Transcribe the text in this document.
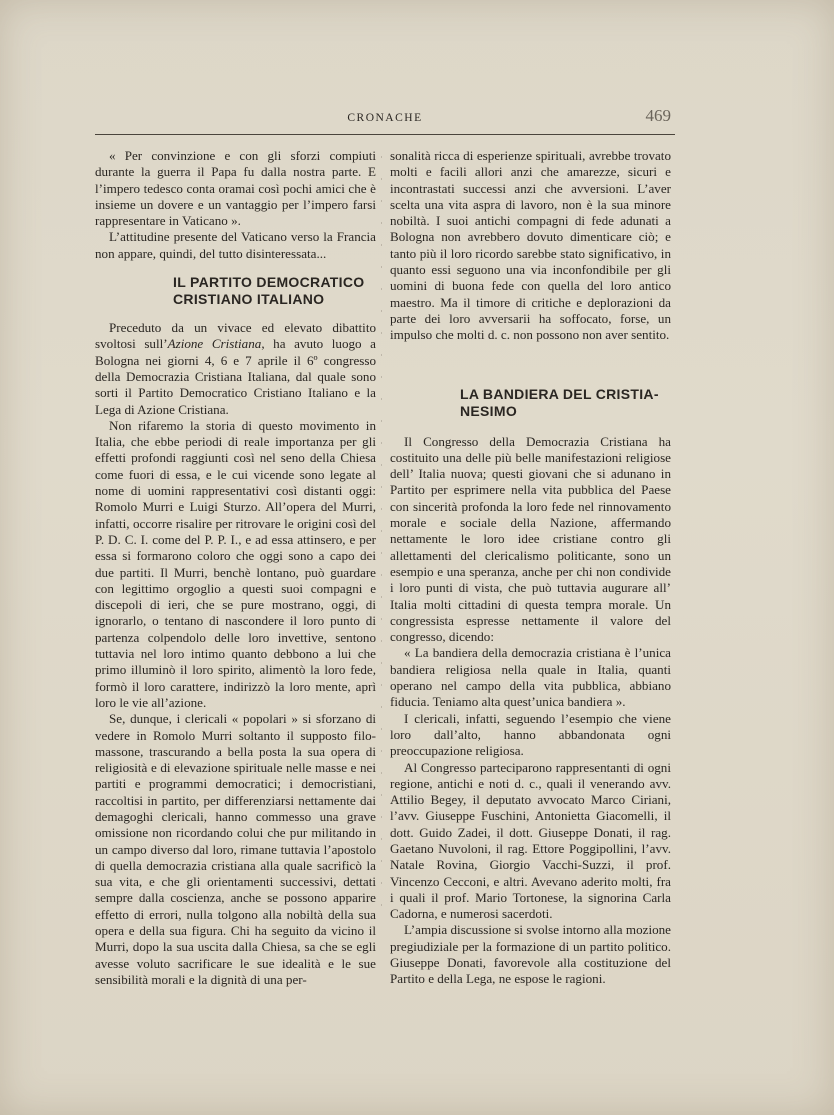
CRONACHE	469

« Per convinzione e con gli sforzi compiuti durante la guerra il Papa fu dalla nostra parte. E l’impero tedesco conta oramai così pochi amici che è insieme un dovere e un vantaggio per l’impero farsi rappresentare in Vaticano ».

L’attitudine presente del Vaticano verso la Francia non appare, quindi, del tutto disinteressata...

IL PARTITO DEMOCRATICO
CRISTIANO ITALIANO

Preceduto da un vivace ed elevato dibattito svoltosi sull’Azione Cristiana, ha avuto luogo a Bologna nei giorni 4, 6 e 7 aprile il 6º congresso della Democrazia Cristiana Italiana, dal quale sono sorti il Partito Democratico Cristiano Italiano e la Lega di Azione Cristiana.

Non rifaremo la storia di questo movimento in Italia, che ebbe periodi di reale importanza per gli effetti profondi raggiunti così nel seno della Chiesa come fuori di essa, e le cui vicende sono legate al nome di uomini rappresentativi così distanti oggi: Romolo Murri e Luigi Sturzo. All’opera del Murri, infatti, occorre risalire per ritrovare le origini così del P. D. C. I. come del P. P. I., e ad essa attinsero, e per essa si formarono coloro che oggi sono a capo dei due partiti. Il Murri, benchè lontano, può guardare con legittimo orgoglio a questi suoi compagni e discepoli di ieri, che se pure mostrano, oggi, di ignorarlo, o tentano di nascondere il loro punto di partenza colpendolo delle loro invettive, sentono tuttavia nel loro intimo quanto debbono a lui che primo illuminò il loro spirito, alimentò la loro fede, formò il loro carattere, indirizzò la loro mente, aprì loro le vie all’azione.

Se, dunque, i clericali « popolari » si sforzano di vedere in Romolo Murri soltanto il supposto filo-massone, trascurando a bella posta la sua opera di religiosità e di elevazione spirituale nelle masse e nei partiti e programmi democratici; i democristiani, raccoltisi in partito, per differenziarsi nettamente dai demagoghi clericali, hanno commesso una grave omissione non ricordando colui che pur militando in un campo diverso dal loro, rimane tuttavia l’apostolo di quella democrazia cristiana alla quale sacrificò la sua vita, e che gli orientamenti successivi, dettati sempre dalla coscienza, anche se possono apparire effetto di errori, nulla tolgono alla nobiltà della sua opera e della sua figura. Chi ha seguito da vicino il Murri, dopo la sua uscita dalla Chiesa, sa che se egli avesse voluto sacrificare le sue idealità e le sue sensibilità morali e la dignità di una per-

sonalità ricca di esperienze spirituali, avrebbe trovato molti e facili allori anzi che amarezze, sicuri e incontrastati successi anzi che avversioni. L’aver scelta una vita aspra di lavoro, non è la sua minore nobiltà. I suoi antichi compagni di fede adunati a Bologna non avrebbero dovuto dimenticare ciò; e tanto più il loro ricordo sarebbe stato significativo, in quanto essi seguono una via inconfondibile per gli uomini di buona fede con quella del loro antico maestro. Ma il timore di critiche e deplorazioni da parte dei loro avversarii ha soffocato, forse, un impulso che molti d. c. non possono non aver sentito.

LA BANDIERA DEL CRISTIA-
NESIMO

Il Congresso della Democrazia Cristiana ha costituito una delle più belle manifestazioni religiose dell’ Italia nuova; questi giovani che si adunano in Partito per esprimere nella vita pubblica del Paese con sincerità profonda la loro fede nel rinnovamento morale e sociale della Nazione, affermando nettamente le loro idee cristiane contro gli allettamenti del clericalismo politicante, sono un esempio e una speranza, anche per chi non condivide i loro punti di vista, che può tuttavia augurare all’ Italia molti cittadini di questa tempra morale. Un congressista espresse nettamente il valore del congresso, dicendo:

« La bandiera della democrazia cristiana è l’unica bandiera religiosa nella quale in Italia, quanti operano nel campo della vita pubblica, abbiano fiducia. Teniamo alta quest’unica bandiera ».

I clericali, infatti, seguendo l’esempio che viene loro dall’alto, hanno abbandonata ogni preoccupazione religiosa.

Al Congresso parteciparono rappresentanti di ogni regione, antichi e noti d. c., quali il venerando avv. Attilio Begey, il deputato avvocato Marco Ciriani, l’avv. Giuseppe Fuschini, Antonietta Giacomelli, il dott. Guido Zadei, il dott. Giuseppe Donati, il rag. Gaetano Nuvoloni, il rag. Ettore Poggipollini, l’avv. Natale Rovina, Giorgio Vacchi-Suzzi, il prof. Vincenzo Cecconi, e altri. Avevano aderito molti, fra i quali il prof. Mario Tortonese, la signorina Carla Cadorna, e numerosi sacerdoti.

L’ampia discussione si svolse intorno alla mozione pregiudiziale per la formazione di un partito politico. Giuseppe Donati, favorevole alla costituzione del Partito e della Lega, ne espose le ragioni.
